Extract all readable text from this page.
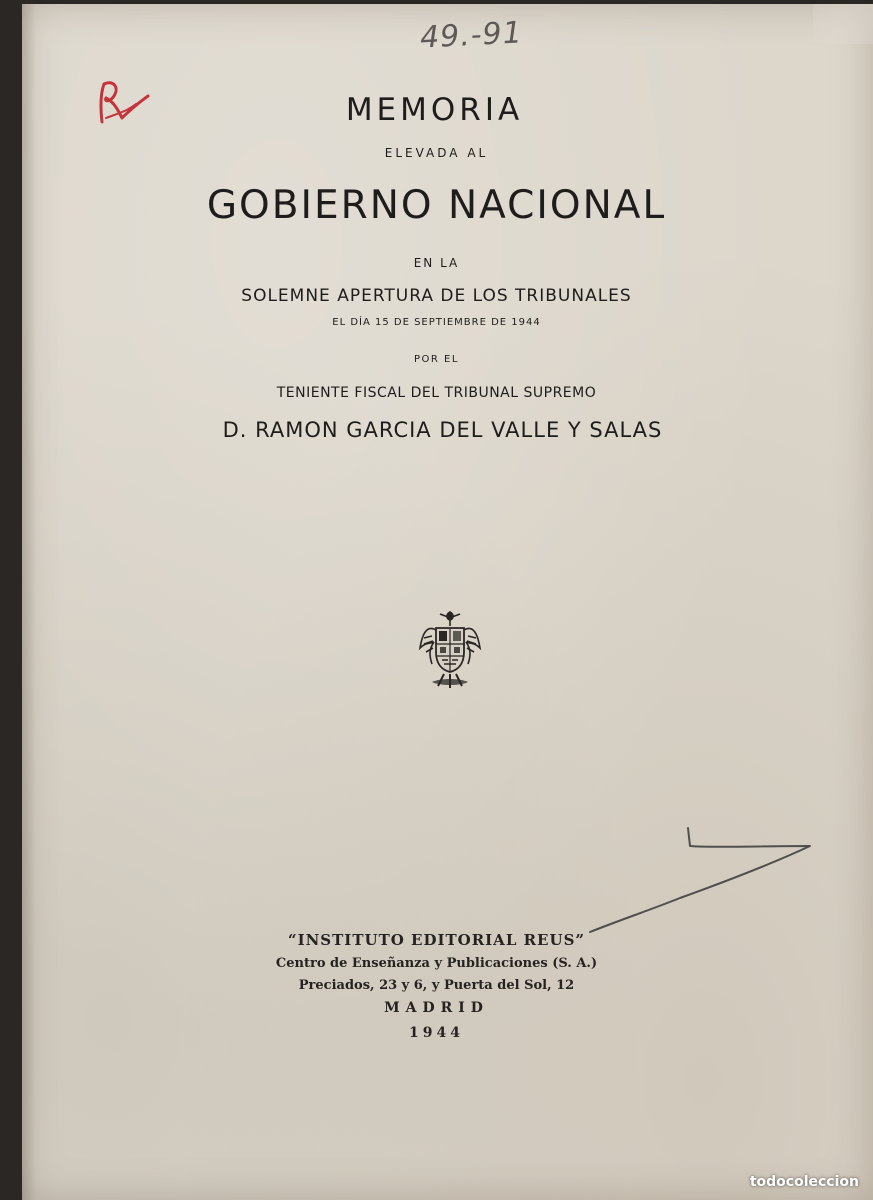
49.-91
MEMORIA
ELEVADA AL
GOBIERNO NACIONAL
EN LA
SOLEMNE APERTURA DE LOS TRIBUNALES
EL DÍA 15 DE SEPTIEMBRE DE 1944
POR EL
TENIENTE FISCAL DEL TRIBUNAL SUPREMO
D. RAMON GARCIA DEL VALLE Y SALAS
“INSTITUTO EDITORIAL REUS”
Centro de Enseñanza y Publicaciones (S. A.)
Preciados, 23 y 6, y Puerta del Sol, 12
MADRID
1944
todocoleccion
